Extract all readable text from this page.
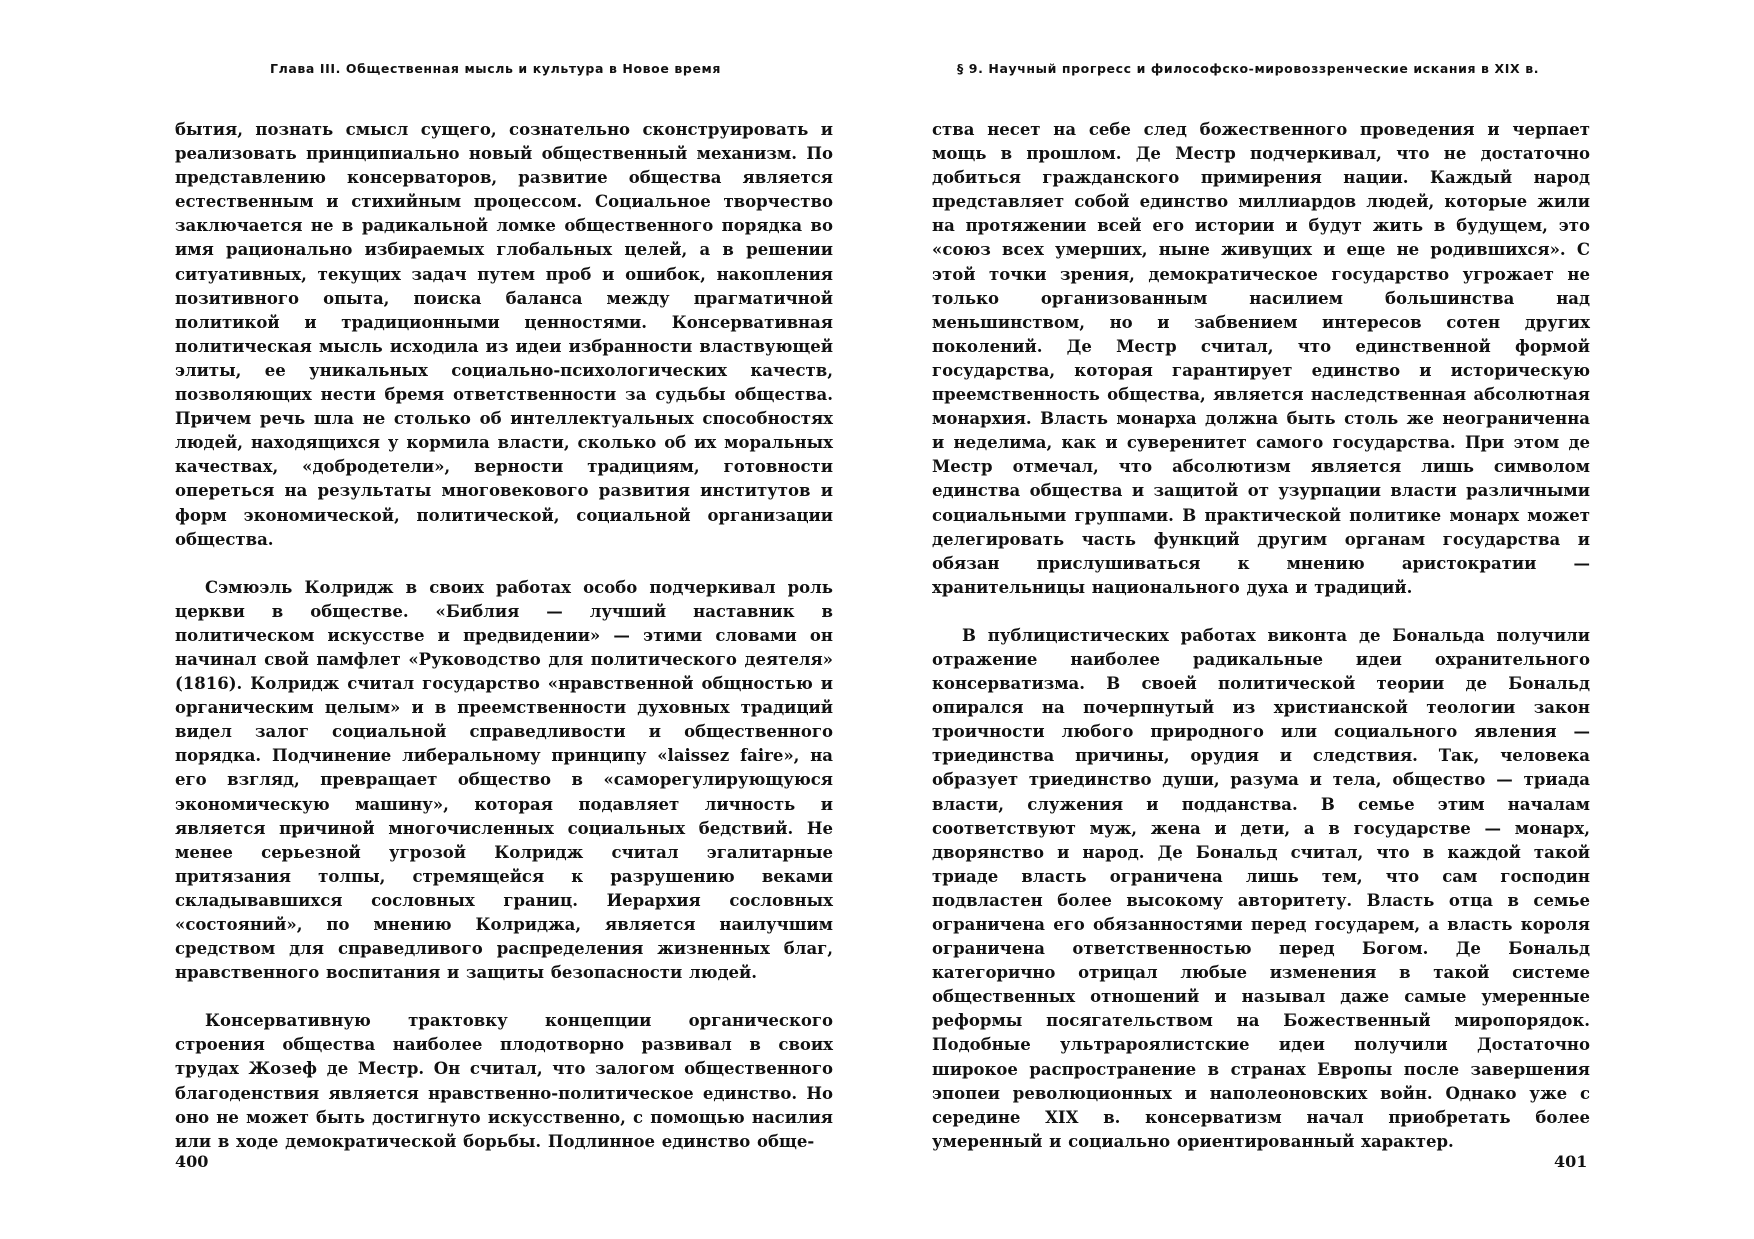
Глава III. Общественная мысль и культура в Новое время

бытия, познать смысл сущего, сознательно сконструировать и реализовать принципиально новый общественный механизм. По представлению консерваторов, развитие общества является естественным и стихийным процессом. Социальное творчество заключается не в радикальной ломке общественного порядка во имя рационально избираемых глобальных целей, а в решении ситуативных, текущих задач путем проб и ошибок, накопления позитивного опыта, поиска баланса между прагматичной политикой и традиционными ценностями. Консервативная политическая мысль исходила из идеи избранности властвующей элиты, ее уникальных социально-психологических качеств, позволяющих нести бремя ответственности за судьбы общества. Причем речь шла не столько об интеллектуальных способностях людей, находящихся у кормила власти, сколько об их моральных качествах, «добродетели», верности традициям, готовности опереться на результаты многовекового развития институтов и форм экономической, политической, социальной организации общества.

Сэмюэль Колридж в своих работах особо подчеркивал роль церкви в обществе. «Библия — лучший наставник в политическом искусстве и предвидении» — этими словами он начинал свой памфлет «Руководство для политического деятеля» (1816). Колридж считал государство «нравственной общностью и органическим целым» и в преемственности духовных традиций видел залог социальной справедливости и общественного порядка. Подчинение либеральному принципу «laissez faire», на его взгляд, превращает общество в «саморегулирующуюся экономическую машину», которая подавляет личность и является причиной многочисленных социальных бедствий. Не менее серьезной угрозой Колридж считал эгалитарные притязания толпы, стремящейся к разрушению веками складывавшихся сословных границ. Иерархия сословных «состояний», по мнению Колриджа, является наилучшим средством для справедливого распределения жизненных благ, нравственного воспитания и защиты безопасности людей.

Консервативную трактовку концепции органического строения общества наиболее плодотворно развивал в своих трудах Жозеф де Местр. Он считал, что залогом общественного благоденствия является нравственно-политическое единство. Но оно не может быть достигнуто искусственно, с помощью насилия или в ходе демократической борьбы. Подлинное единство обще-

400
§ 9. Научный прогресс и философско-мировоззренческие искания в XIX в.

ства несет на себе след божественного проведения и черпает мощь в прошлом. Де Местр подчеркивал, что не достаточно добиться гражданского примирения нации. Каждый народ представляет собой единство миллиардов людей, которые жили на протяжении всей его истории и будут жить в будущем, это «союз всех умерших, ныне живущих и еще не родившихся». С этой точки зрения, демократическое государство угрожает не только организованным насилием большинства над меньшинством, но и забвением интересов сотен других поколений. Де Местр считал, что единственной формой государства, которая гарантирует единство и историческую преемственность общества, является наследственная абсолютная монархия. Власть монарха должна быть столь же неограниченна и неделима, как и суверенитет самого государства. При этом де Местр отмечал, что абсолютизм является лишь символом единства общества и защитой от узурпации власти различными социальными группами. В практической политике монарх может делегировать часть функций другим органам государства и обязан прислушиваться к мнению аристократии — хранительницы национального духа и традиций.

В публицистических работах виконта де Бональда получили отражение наиболее радикальные идеи охранительного консерватизма. В своей политической теории де Бональд опирался на почерпнутый из христианской теологии закон троичности любого природного или социального явления — триединства причины, орудия и следствия. Так, человека образует триединство души, разума и тела, общество — триада власти, служения и подданства. В семье этим началам соответствуют муж, жена и дети, а в государстве — монарх, дворянство и народ. Де Бональд считал, что в каждой такой триаде власть ограничена лишь тем, что сам господин подвластен более высокому авторитету. Власть отца в семье ограничена его обязанностями перед государем, а власть короля ограничена ответственностью перед Богом. Де Бональд категорично отрицал любые изменения в такой системе общественных отношений и называл даже самые умеренные реформы посягательством на Божественный миропорядок. Подобные ультрароялистские идеи получили Достаточно широкое распространение в странах Европы после завершения эпопеи революционных и наполеоновских войн. Однако уже с середине XIX в. консерватизм начал приобретать более умеренный и социально ориентированный характер.

401
